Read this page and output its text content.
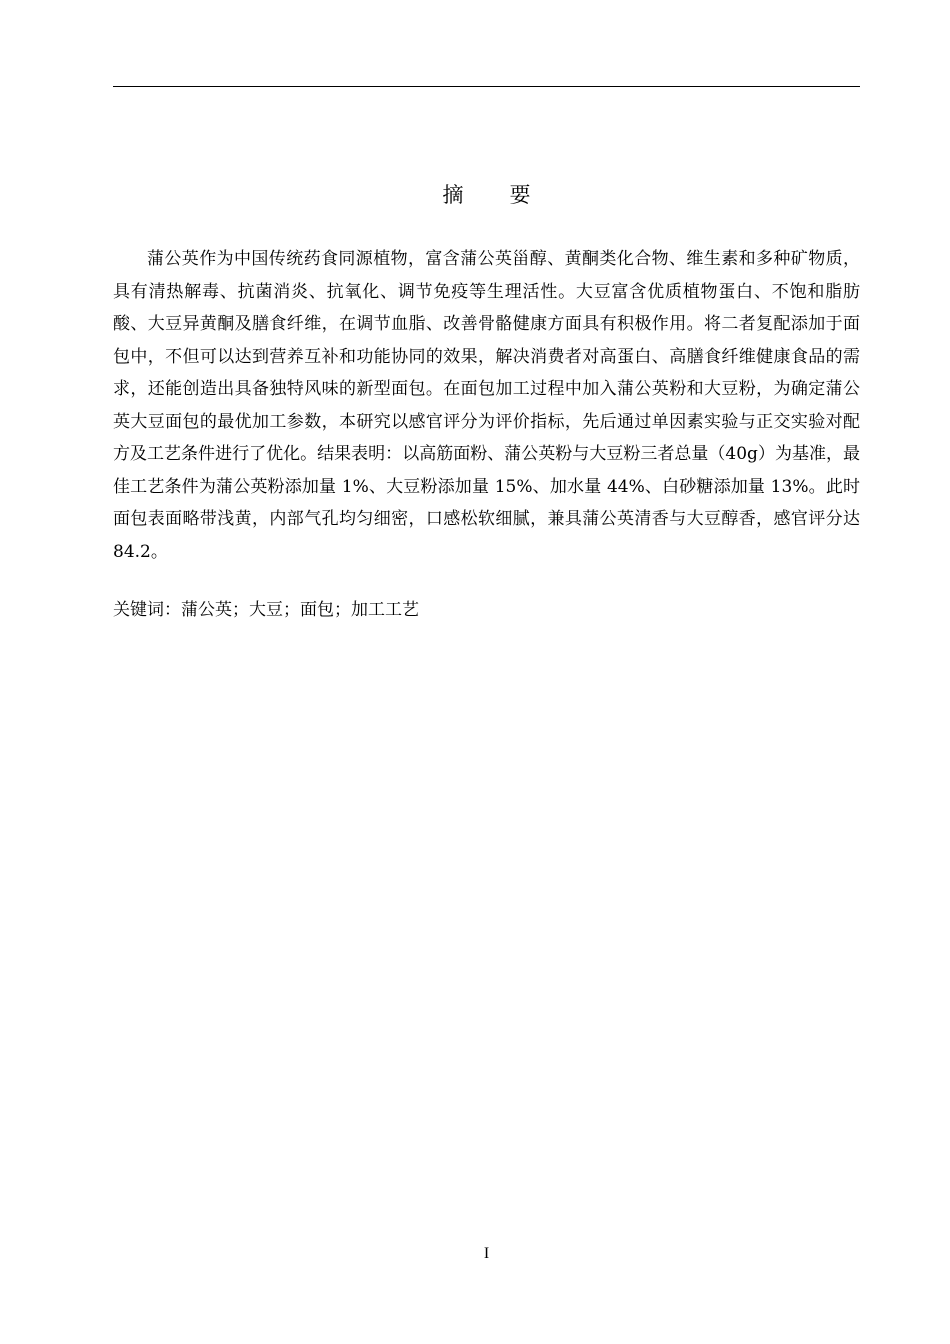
摘 要

蒲公英作为中国传统药食同源植物，富含蒲公英甾醇、黄酮类化合物、维生素和多种矿物质，具有清热解毒、抗菌消炎、抗氧化、调节免疫等生理活性。大豆富含优质植物蛋白、不饱和脂肪酸、大豆异黄酮及膳食纤维，在调节血脂、改善骨骼健康方面具有积极作用。将二者复配添加于面包中，不但可以达到营养互补和功能协同的效果，解决消费者对高蛋白、高膳食纤维健康食品的需求，还能创造出具备独特风味的新型面包。在面包加工过程中加入蒲公英粉和大豆粉，为确定蒲公英大豆面包的最优加工参数，本研究以感官评分为评价指标，先后通过单因素实验与正交实验对配方及工艺条件进行了优化。结果表明：以高筋面粉、蒲公英粉与大豆粉三者总量（40g）为基准，最佳工艺条件为蒲公英粉添加量 1%、大豆粉添加量 15%、加水量 44%、白砂糖添加量 13%。此时面包表面略带浅黄，内部气孔均匀细密，口感松软细腻，兼具蒲公英清香与大豆醇香，感官评分达 84.2。

关键词：蒲公英；大豆；面包；加工工艺

I
